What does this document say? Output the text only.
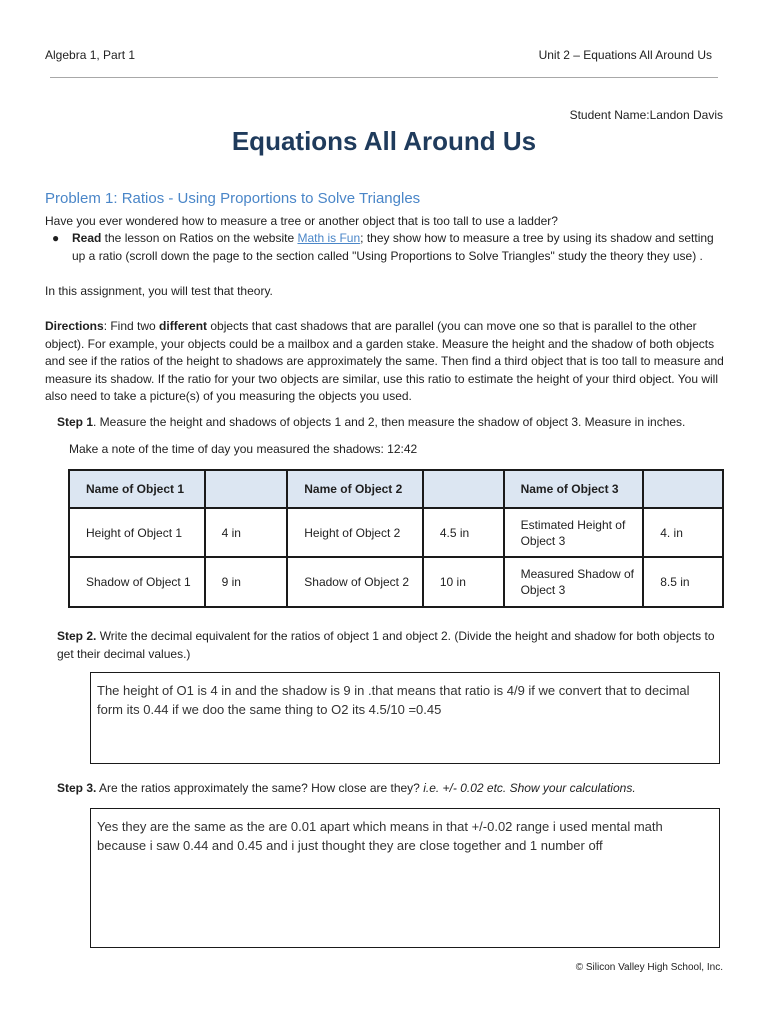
Algebra 1, Part 1	Unit 2 – Equations All Around Us
Student Name:Landon Davis
Equations All Around Us
Problem 1: Ratios - Using Proportions to Solve Triangles
Have you ever wondered how to measure a tree or another object that is too tall to use a ladder?
● Read the lesson on Ratios on the website Math is Fun; they show how to measure a tree by using its shadow and setting up a ratio (scroll down the page to the section called "Using Proportions to Solve Triangles" study the theory they use) .
In this assignment, you will test that theory.
Directions: Find two different objects that cast shadows that are parallel (you can move one so that is parallel to the other object). For example, your objects could be a mailbox and a garden stake. Measure the height and the shadow of both objects and see if the ratios of the height to shadows are approximately the same. Then find a third object that is too tall to measure and measure its shadow. If the ratio for your two objects are similar, use this ratio to estimate the height of your third object. You will also need to take a picture(s) of you measuring the objects you used.
Step 1. Measure the height and shadows of objects 1 and 2, then measure the shadow of object 3. Measure in inches.
Make a note of the time of day you measured the shadows: 12:42
Name of Object 1		Name of Object 2		Name of Object 3	
Height of Object 1	4 in	Height of Object 2	4.5 in	Estimated Height of Object 3	4. in
Shadow of Object 1	9 in	Shadow of Object 2	10 in	Measured Shadow of Object 3	8.5 in
Step 2. Write the decimal equivalent for the ratios of object 1 and object 2. (Divide the height and shadow for both objects to get their decimal values.)
The height of O1 is 4 in and the shadow is 9 in .that means that ratio is 4/9 if we convert that to decimal form its 0.44 if we doo the same thing to O2 its 4.5/10 =0.45
Step 3. Are the ratios approximately the same? How close are they? i.e. +/- 0.02 etc. Show your calculations.
Yes they are the same as the are 0.01 apart which means in that +/-0.02 range i used mental math because i saw 0.44 and 0.45 and i just thought they are close together and 1 number off
© Silicon Valley High School, Inc.
